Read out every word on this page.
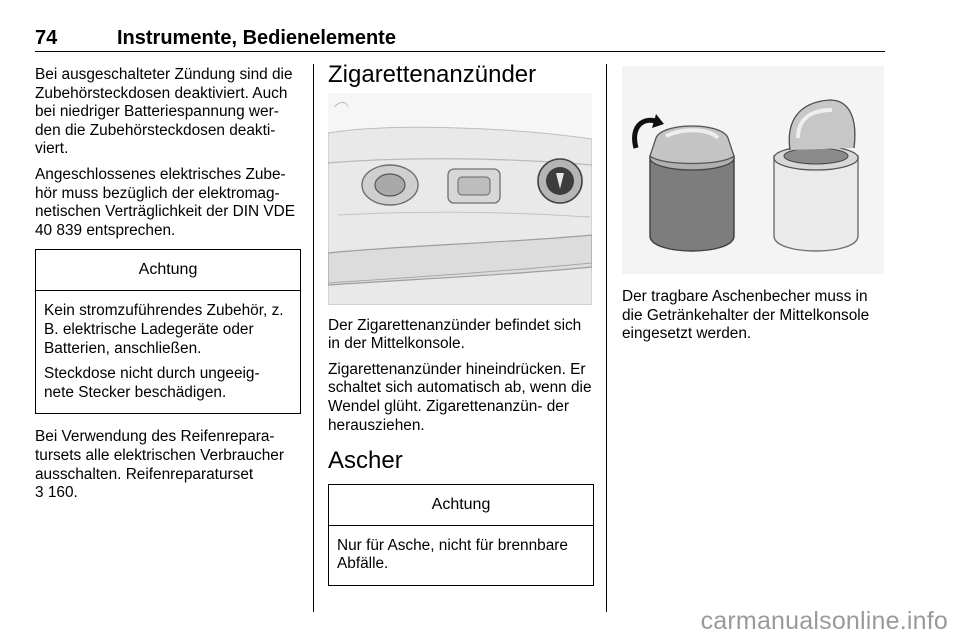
74	Instrumente, Bedienelemente

Bei ausgeschalteter Zündung sind die Zubehörsteckdosen deaktiviert. Auch bei niedriger Batteriespannung wer‑ den die Zubehörsteckdosen deakti‑ viert.

Angeschlossenes elektrisches Zube‑ hör muss bezüglich der elektromag‑ netischen Verträglichkeit der DIN VDE 40 839 entsprechen.

Achtung

Kein stromzuführendes Zubehör, z. B. elektrische Ladegeräte oder Batterien, anschließen.

Steckdose nicht durch ungeeig‑ nete Stecker beschädigen.

Bei Verwendung des Reifenrepara‑ tursets alle elektrischen Verbraucher ausschalten. Reifenreparaturset

3 160.

Zigarettenanzünder

Der Zigarettenanzünder befindet sich in der Mittelkonsole.

Zigarettenanzünder hineindrücken. Er schaltet sich automatisch ab, wenn die Wendel glüht. Zigarettenanzün‑ der herausziehen.

Ascher
Achtung

Nur für Asche, nicht für brennbare Abfälle.

Der tragbare Aschenbecher muss in die Getränkehalter der Mittelkonsole eingesetzt werden.

carmanualsonline.info
